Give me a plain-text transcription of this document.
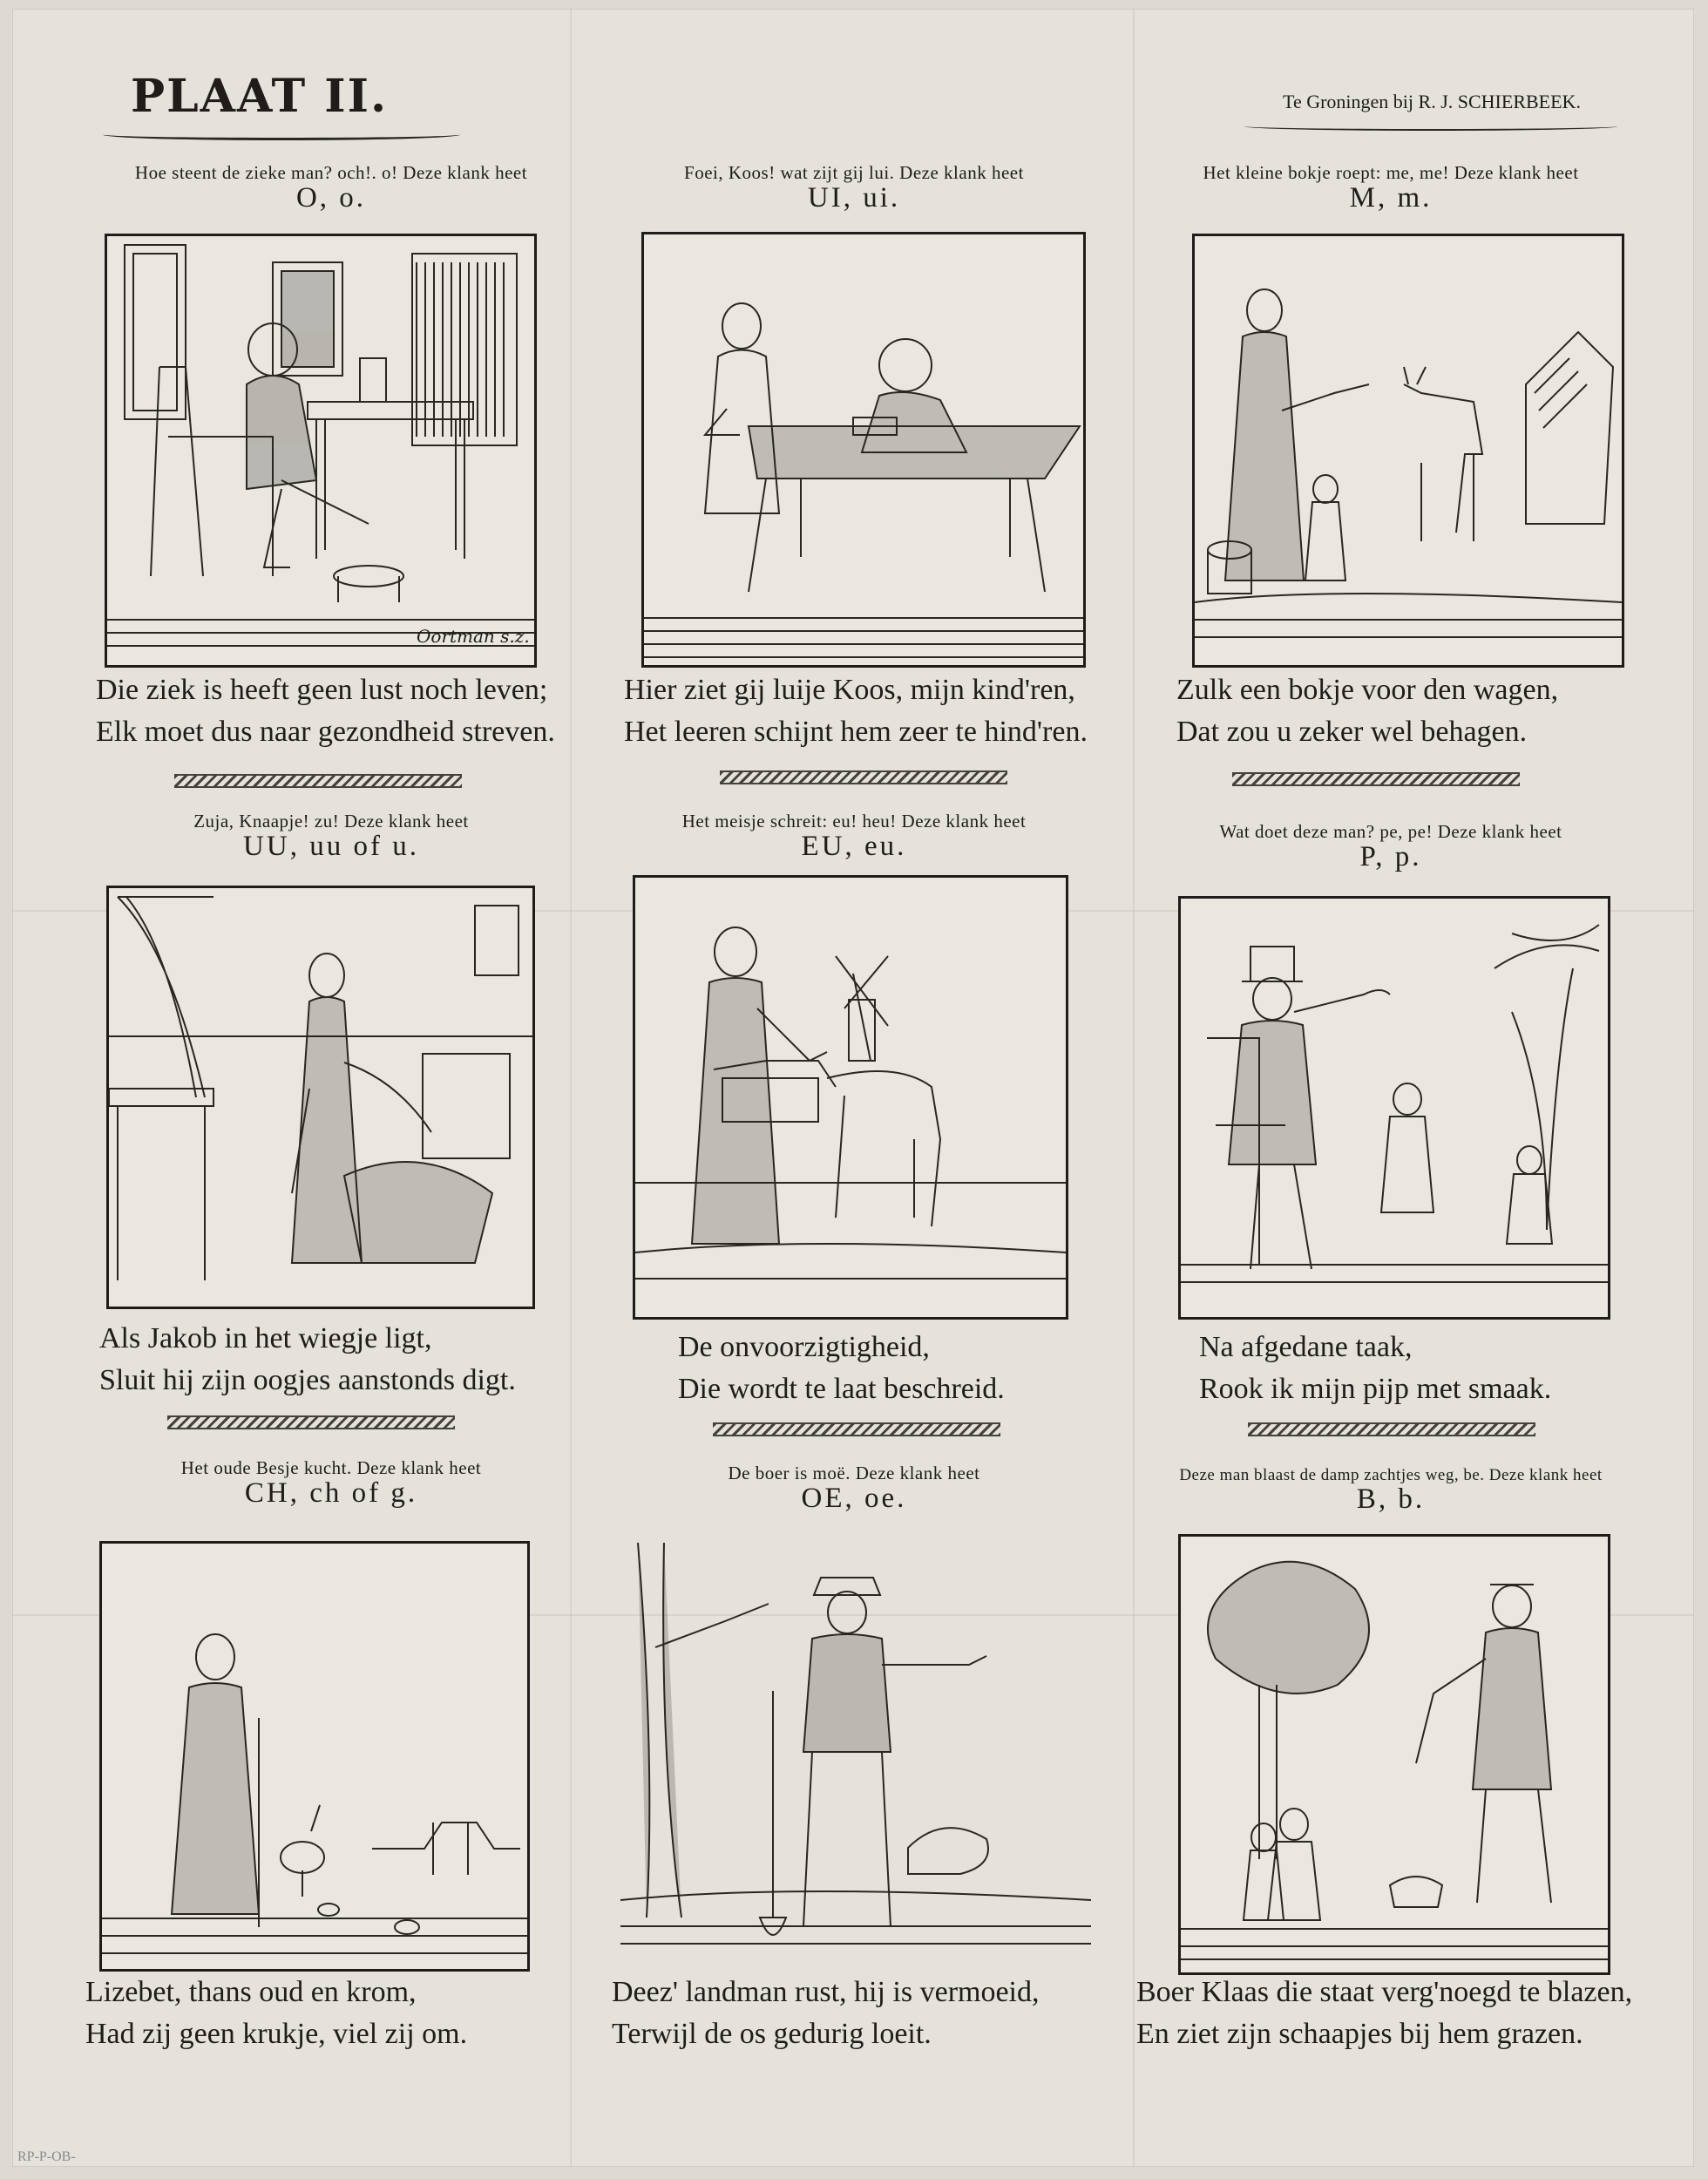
PLAAT II.	Te Groningen bij R. J. SCHIERBEEK.
Hoe steent de zieke man? och!. o! Deze klank heet
O, o.
Oortman s.z.
Die ziek is heeft geen lust noch leven;
Elk moet dus naar gezondheid streven.
Foei, Koos! wat zijt gij lui. Deze klank heet
UI, ui.
Hier ziet gij luije Koos, mijn kind'ren,
Het leeren schijnt hem zeer te hind'ren.
Het kleine bokje roept: me, me! Deze klank heet
M, m.
Zulk een bokje voor den wagen,
Dat zou u zeker wel behagen.
Zuja, Knaapje! zu! Deze klank heet
UU, uu of u.
Als Jakob in het wiegje ligt,
Sluit hij zijn oogjes aanstonds digt.
Het meisje schreit: eu! heu! Deze klank heet
EU, eu.
De onvoorzigtigheid,
Die wordt te laat beschreid.
Wat doet deze man? pe, pe! Deze klank heet
P, p.
Na afgedane taak,
Rook ik mijn pijp met smaak.
Het oude Besje kucht. Deze klank heet
CH, ch of g.
Lizebet, thans oud en krom,
Had zij geen krukje, viel zij om.
De boer is moë. Deze klank heet
OE, oe.
Deez' landman rust, hij is vermoeid,
Terwijl de os gedurig loeit.
Deze man blaast de damp zachtjes weg, be. Deze klank heet
B, b.
Boer Klaas die staat verg'noegd te blazen,
En ziet zijn schaapjes bij hem grazen.
RP-P-OB-
